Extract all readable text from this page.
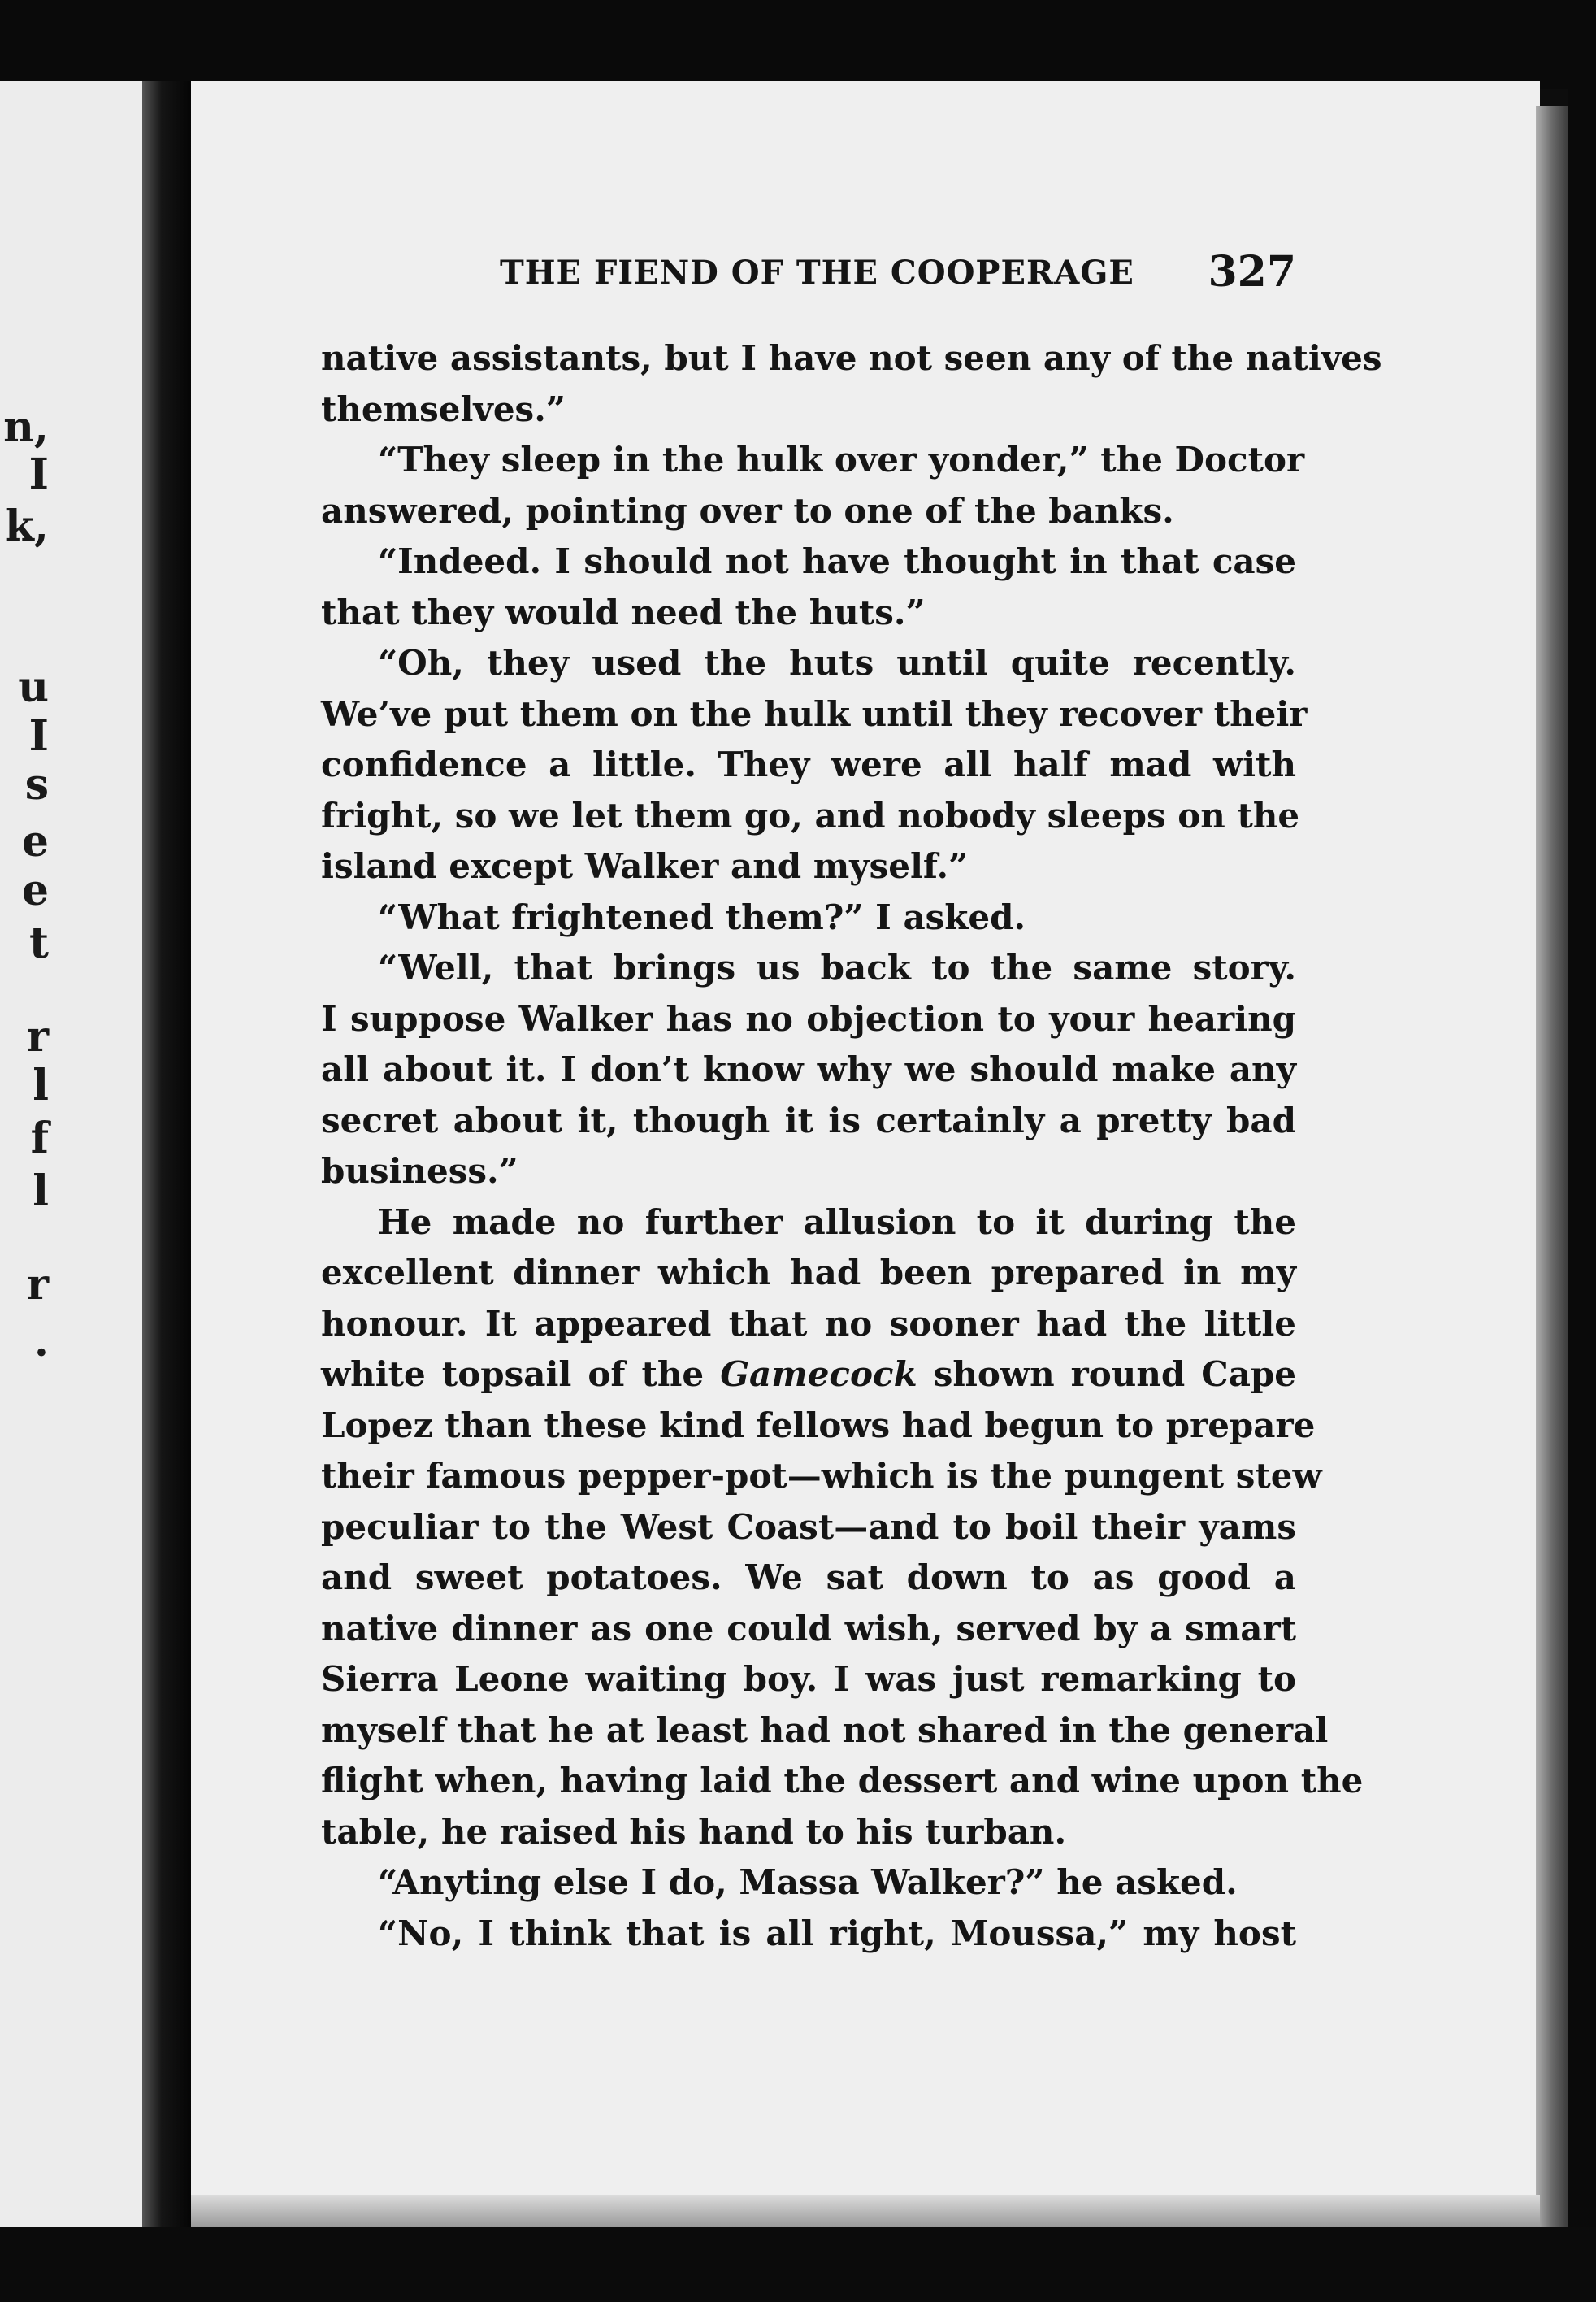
n,
I
k,
u
I
s
e
e
t
r
l
f
l
r
.
THE FIEND OF THE COOPERAGE 327
native assistants, but I have not seen any of the natives
themselves.”
“They sleep in the hulk over yonder,” the Doctor
answered, pointing over to one of the banks.
“Indeed. I should not have thought in that case
that they would need the huts.”
“Oh, they used the huts until quite recently.
We’ve put them on the hulk until they recover their
confidence a little. They were all half mad with
fright, so we let them go, and nobody sleeps on the
island except Walker and myself.”
“What frightened them?” I asked.
“Well, that brings us back to the same story.
I suppose Walker has no objection to your hearing
all about it. I don’t know why we should make any
secret about it, though it is certainly a pretty bad
business.”
He made no further allusion to it during the
excellent dinner which had been prepared in my
honour. It appeared that no sooner had the little
white topsail of the Gamecock shown round Cape
Lopez than these kind fellows had begun to prepare
their famous pepper-pot—which is the pungent stew
peculiar to the West Coast—and to boil their yams
and sweet potatoes. We sat down to as good a
native dinner as one could wish, served by a smart
Sierra Leone waiting boy. I was just remarking to
myself that he at least had not shared in the general
flight when, having laid the dessert and wine upon the
table, he raised his hand to his turban.
“Anyting else I do, Massa Walker?” he asked.
“No, I think that is all right, Moussa,” my host
